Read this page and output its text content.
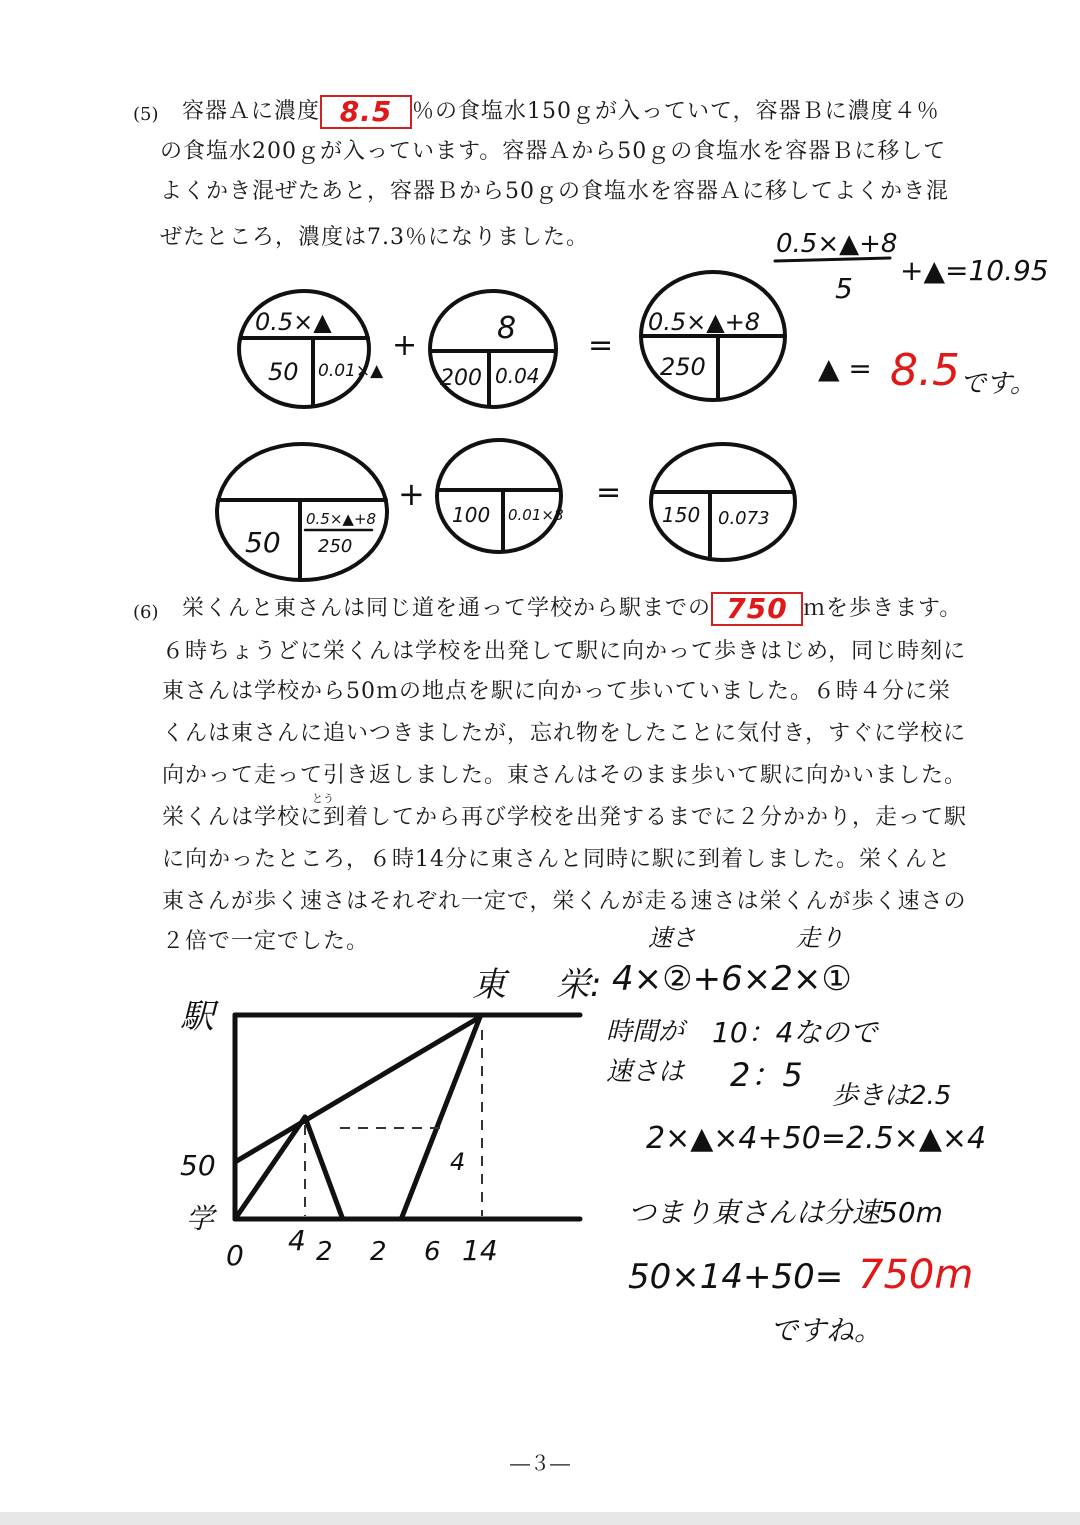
(5) 容器Ａに濃度 8.5 ％の食塩水150ｇが入っていて，容器Ｂに濃度４％
の食塩水200ｇが入っています。容器Ａから50ｇの食塩水を容器Ｂに移して
よくかき混ぜたあと，容器Ｂから50ｇの食塩水を容器Ａに移してよくかき混
ぜたところ，濃度は7.3％になりました。
0.5×▲
50 0.01×▲
+	8
200 0.04
=
0.5×▲+8
250
50
0.5×▲+8
250
+
100 0.01×8
=
150 0.073
0.5×▲+8
5
+▲=10.95
▲ = 8.5 です。
(6) 栄くんと東さんは同じ道を通って学校から駅までの 750 ｍを歩きます。
６時ちょうどに栄くんは学校を出発して駅に向かって歩きはじめ，同じ時刻に
東さんは学校から50ｍの地点を駅に向かって歩いていました。６時４分に栄
くんは東さんに追いつきましたが，忘れ物をしたことに気付き，すぐに学校に
向かって走って引き返しました。東さんはそのまま歩いて駅に向かいました。
とう
栄くんは学校に到着してから再び学校を出発するまでに２分かかり，走って駅
に向かったところ，６時14分に東さんと同時に駅に到着しました。栄くんと
東さんが歩く速さはそれぞれ一定で，栄くんが走る速さは栄くんが歩く速さの
２倍で一定でした。
駅
50
学
0 4 2 2 6 14
4
東 栄:
速さ	走り
4×②+6×2×①
時間が 10：4なので
速さは 2：5
歩きは2.5
2×▲×4+50=2.5×▲×4
つまり東さんは分速50m
50×14+50= 750m
ですね。
―３―
